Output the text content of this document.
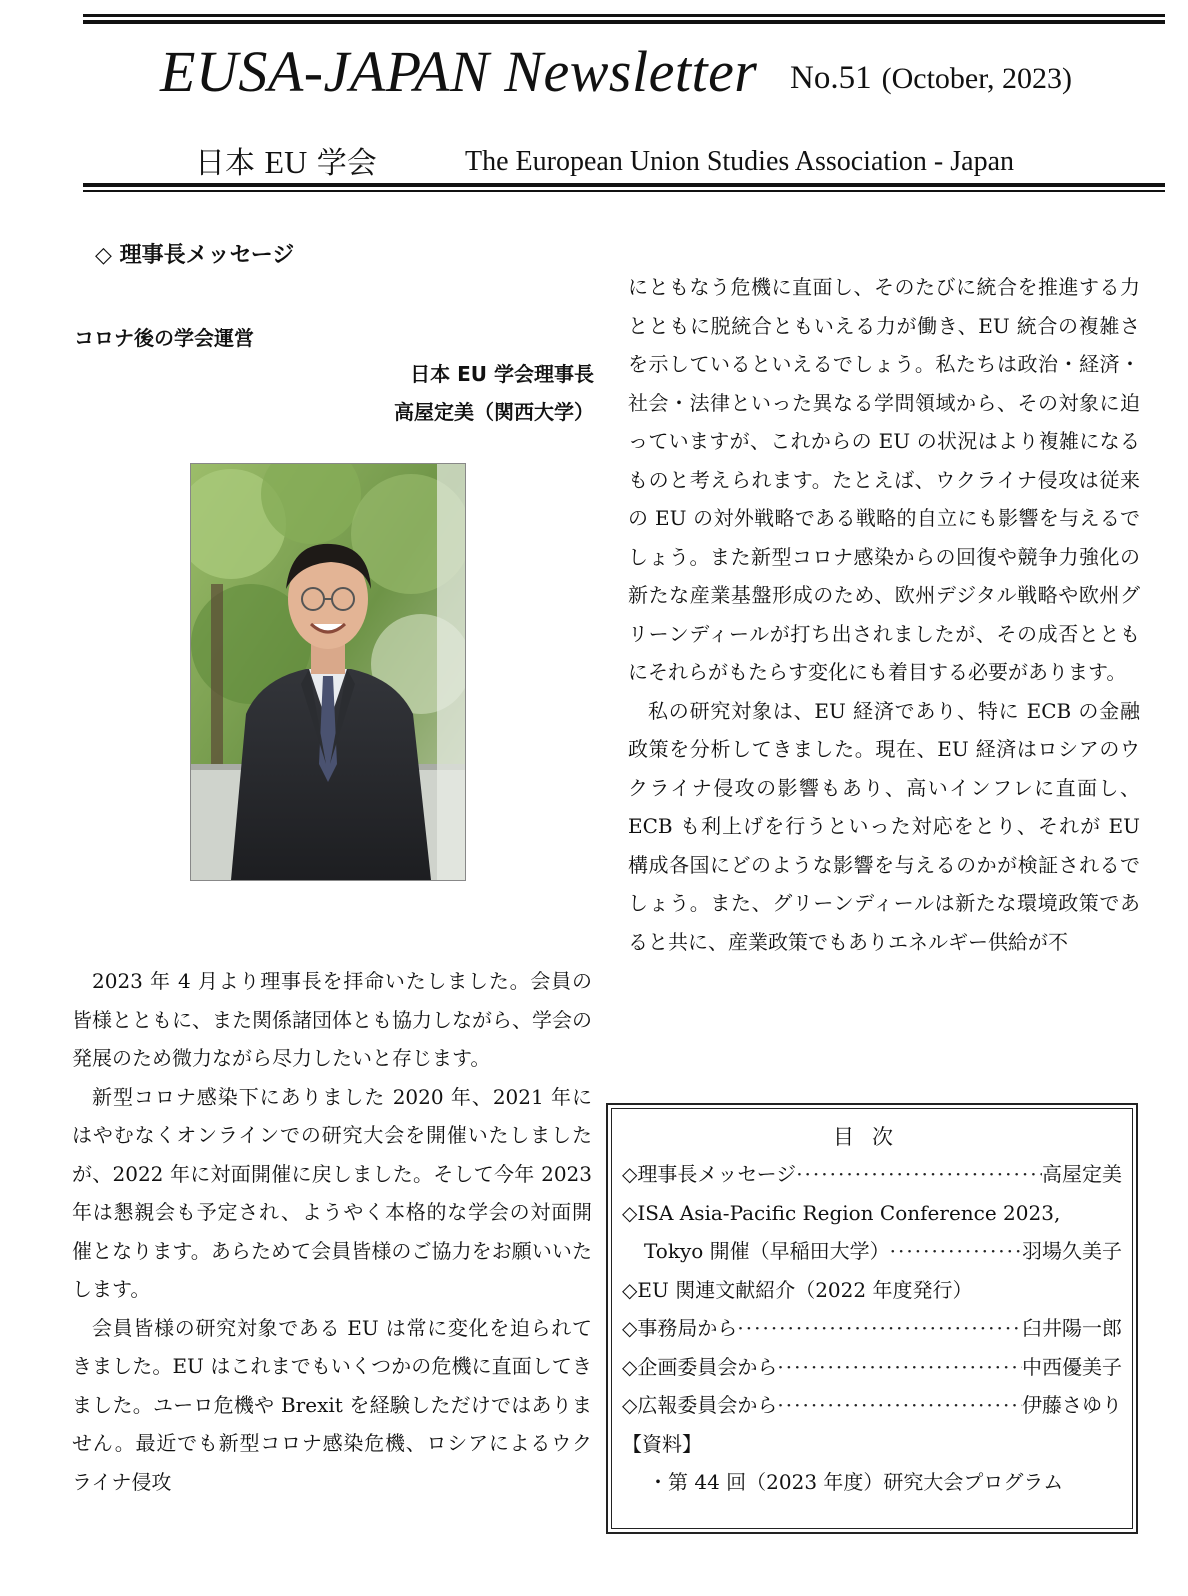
EUSA-JAPAN Newsletter No.51 (October, 2023)
日本 EU 学会	The European Union Studies Association - Japan
◇ 理事長メッセージ
コロナ後の学会運営
日本 EU 学会理事長
高屋定美（関西大学）

2023 年 4 月より理事長を拝命いたしました。会員の皆様とともに、また関係諸団体とも協力しながら、学会の発展のため微力ながら尽力したいと存じます。

新型コロナ感染下にありました 2020 年、2021 年にはやむなくオンラインでの研究大会を開催いたしましたが、2022 年に対面開催に戻しました。そして今年 2023 年は懇親会も予定され、ようやく本格的な学会の対面開催となります。あらためて会員皆様のご協力をお願いいたします。

会員皆様の研究対象である EU は常に変化を迫られてきました。EU はこれまでもいくつかの危機に直面してきました。ユーロ危機や Brexit を経験しただけではありません。最近でも新型コロナ感染危機、ロシアによるウクライナ侵攻

にともなう危機に直面し、そのたびに統合を推進する力とともに脱統合ともいえる力が働き、EU 統合の複雑さを示しているといえるでしょう。私たちは政治・経済・社会・法律といった異なる学問領域から、その対象に迫っていますが、これからの EU の状況はより複雑になるものと考えられます。たとえば、ウクライナ侵攻は従来の EU の対外戦略である戦略的自立にも影響を与えるでしょう。また新型コロナ感染からの回復や競争力強化の新たな産業基盤形成のため、欧州デジタル戦略や欧州グリーンディールが打ち出されましたが、その成否とともにそれらがもたらす変化にも着目する必要があります。

私の研究対象は、EU 経済であり、特に ECB の金融政策を分析してきました。現在、EU 経済はロシアのウクライナ侵攻の影響もあり、高いインフレに直面し、ECB も利上げを行うといった対応をとり、それが EU 構成各国にどのような影響を与えるのかが検証されるでしょう。また、グリーンディールは新たな環境政策であると共に、産業政策でもありエネルギー供給が不

目次
◇理事長メッセージ ·····	高屋定美
◇ISA Asia-Pacific Region Conference 2023,
Tokyo 開催（早稲田大学） ·····	羽場久美子
◇EU 関連文献紹介（2022 年度発行）
◇事務局から ·····	臼井陽一郎
◇企画委員会から ·····	中西優美子
◇広報委員会から ·····	伊藤さゆり
【資料】
・第 44 回（2023 年度）研究大会プログラム
